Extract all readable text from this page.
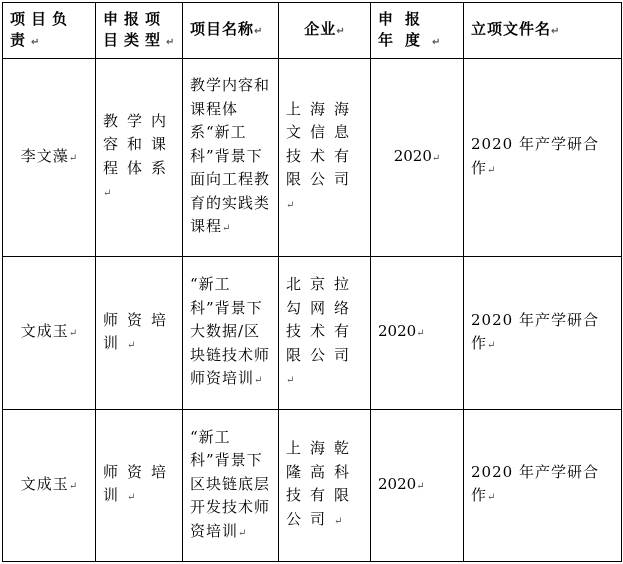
项目负责↵	申报项目类型↵	项目名称↵	企业↵	申报年度↵	立项文件名↵
李文藻↵	教学内容和课程体系↵	教学内容和课程体系“新工科”背景下面向工程教育的实践类课程↵	上海海文信息技术有限公司↵	2020↵	2020 年产学研合作↵
文成玉↵	师资培训↵	“新工科”背景下大数据/区块链技术师师资培训↵	北京拉勾网络技术有限公司↵	2020↵	2020 年产学研合作↵
文成玉↵	师资培训↵	“新工科”背景下区块链底层开发技术师资培训↵	上海乾隆高科技有限公司↵	2020↵	2020 年产学研合作↵
